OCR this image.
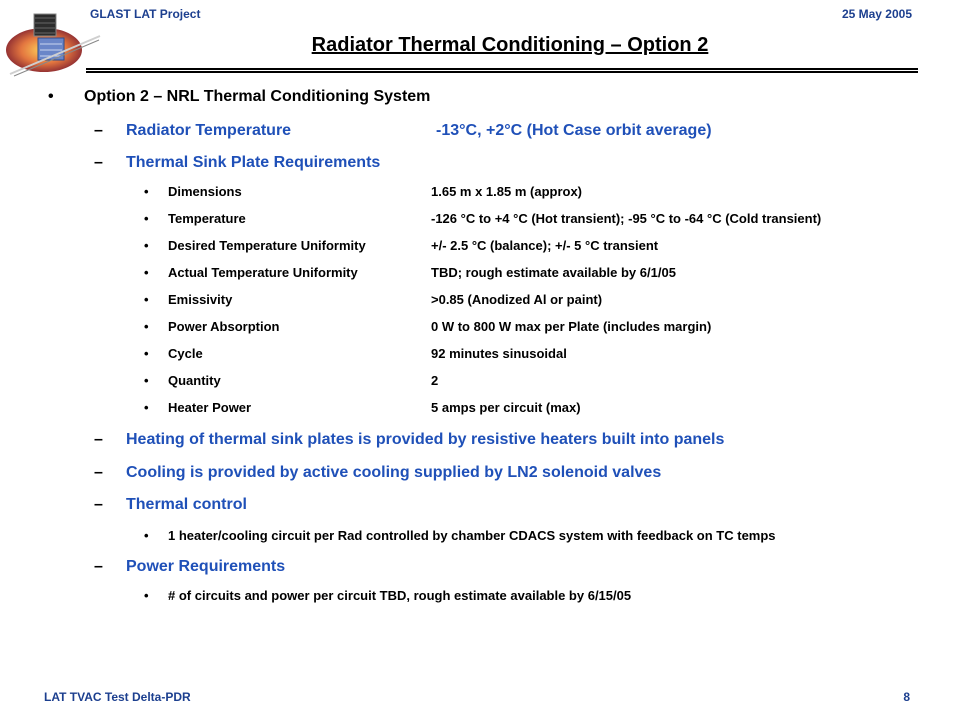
GLAST LAT Project	25 May 2005
Radiator Thermal Conditioning – Option 2
• Option 2 – NRL Thermal Conditioning System
– Radiator Temperature	-13°C, +2°C (Hot Case orbit average)
– Thermal Sink Plate Requirements
• Dimensions	1.65 m x 1.85 m (approx)
• Temperature	-126 °C to +4 °C (Hot transient); -95 °C to -64 °C (Cold transient)
• Desired Temperature Uniformity	+/- 2.5 °C (balance); +/- 5 °C transient
• Actual Temperature Uniformity	TBD; rough estimate available by 6/1/05
• Emissivity	>0.85 (Anodized Al or paint)
• Power Absorption	0 W to 800 W max per Plate (includes margin)
• Cycle	92 minutes sinusoidal
• Quantity	2
• Heater Power	5 amps per circuit (max)
– Heating of thermal sink plates is provided by resistive heaters built into panels
– Cooling is provided by active cooling supplied by LN2 solenoid valves
– Thermal control
• 1 heater/cooling circuit per Rad controlled by chamber CDACS system with feedback on TC temps
– Power Requirements
• # of circuits and power per circuit TBD, rough estimate available by 6/15/05
LAT TVAC Test Delta-PDR	8
